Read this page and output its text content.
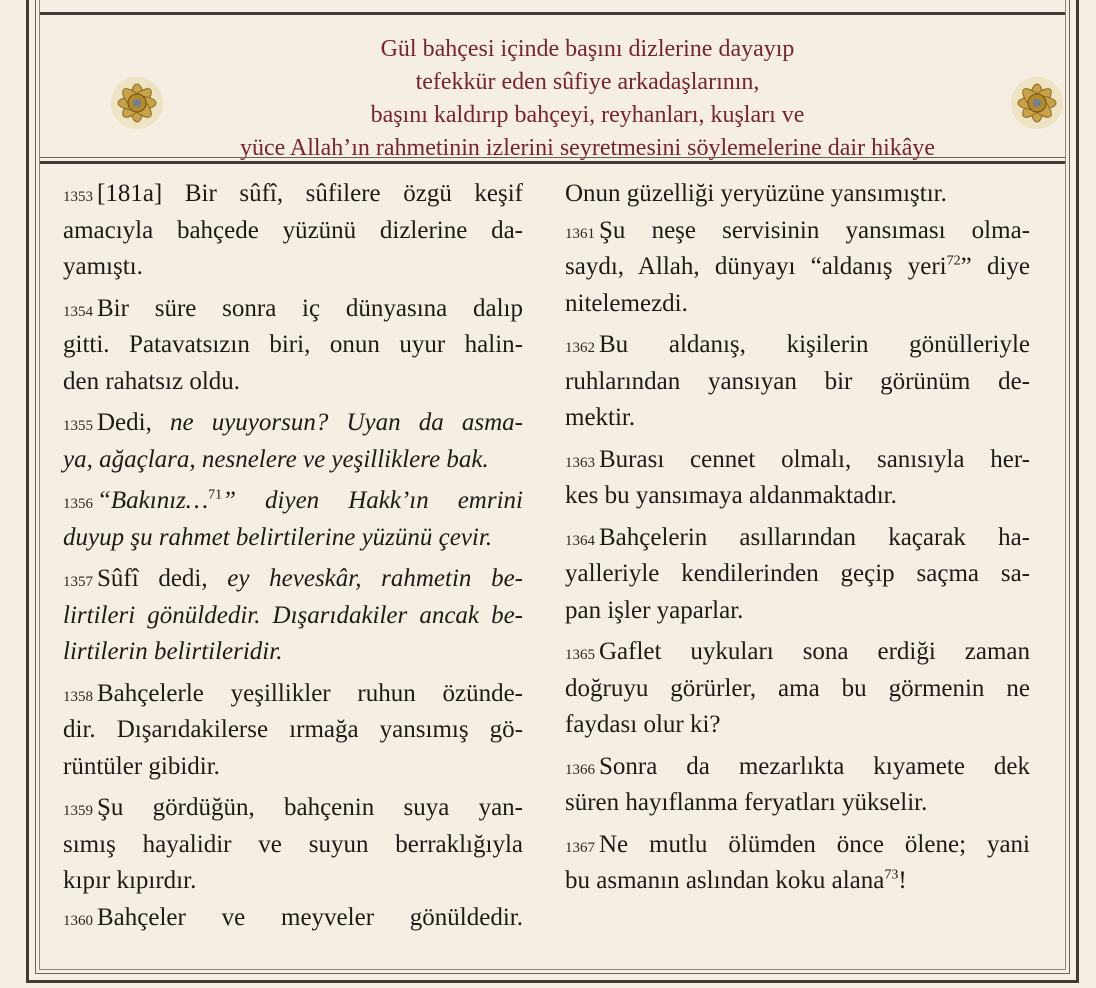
Gül bahçesi içinde başını dizlerine dayayıp
tefekkür eden sûfiye arkadaşlarının,
başını kaldırıp bahçeyi, reyhanları, kuşları ve
yüce Allah’ın rahmetinin izlerini seyretmesini söylemelerine dair hikâye
1353 [181a] Bir sûfî, sûfilere özgü keşif
amacıyla bahçede yüzünü dizlerine da-
yamıştı.
1354 Bir süre sonra iç dünyasına dalıp
gitti. Patavatsızın biri, onun uyur halin-
den rahatsız oldu.
1355 Dedi, ne uyuyorsun? Uyan da asma-
ya, ağaçlara, nesnelere ve yeşilliklere bak.
1356 “Bakınız…$^{71}$” diyen Hakk’ın emrini
duyup şu rahmet belirtilerine yüzünü çevir.
1357 Sûfî dedi, ey heveskâr, rahmetin be-
lirtileri gönüldedir. Dışarıdakiler ancak be-
lirtilerin belirtileridir.
1358 Bahçelerle yeşillikler ruhun özünde-
dir. Dışarıdakilerse ırmağa yansımış gö-
rüntüler gibidir.
1359 Şu gördüğün, bahçenin suya yan-
sımış hayalidir ve suyun berraklığıyla
kıpır kıpırdır.
1360 Bahçeler ve meyveler gönüldedir.
Onun güzelliği yeryüzüne yansımıştır.
1361 Şu neşe servisinin yansıması olma-
saydı, Allah, dünyayı “aldanış yeri$^{72}$” diye
nitelemezdi.
1362 Bu aldanış, kişilerin gönülleriyle
ruhlarından yansıyan bir görünüm de-
mektir.
1363 Burası cennet olmalı, sanısıyla her-
kes bu yansımaya aldanmaktadır.
1364 Bahçelerin asıllarından kaçarak ha-
yalleriyle kendilerinden geçip saçma sa-
pan işler yaparlar.
1365 Gaflet uykuları sona erdiği zaman
doğruyu görürler, ama bu görmenin ne
faydası olur ki?
1366 Sonra da mezarlıkta kıyamete dek
süren hayıflanma feryatları yükselir.
1367 Ne mutlu ölümden önce ölene; yani
bu asmanın aslından koku alana$^{73}$!
